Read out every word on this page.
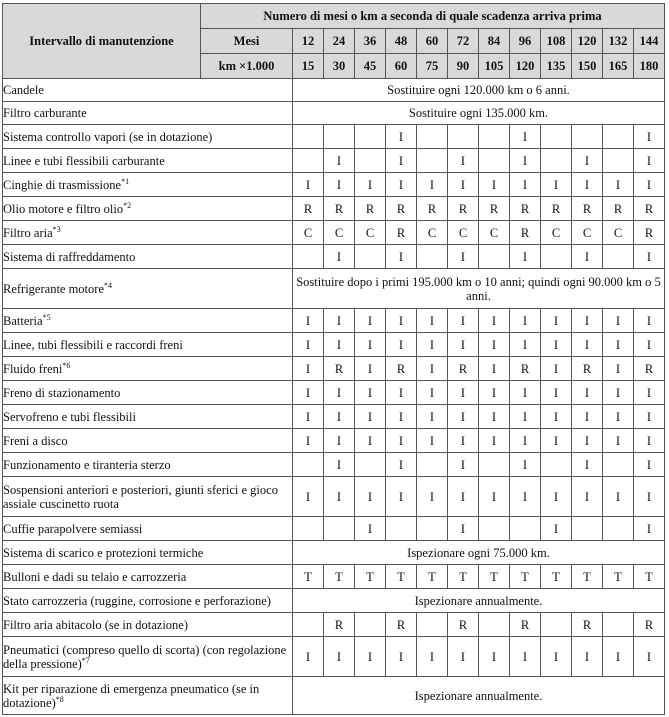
Intervallo di manutenzione	Numero di mesi o km a seconda di quale scadenza arriva prima												
	Mesi	12	24	36	48	60	72	84	96	108	120	132	144
	km ×1.000	15	30	45	60	75	90	105	120	135	150	165	180
Candele		Sostituire ogni 120.000 km o 6 anni.											
Filtro carburante		Sostituire ogni 135.000 km.											
Sistema controllo vapori (se in dotazione)					I				I				I
Linee e tubi flessibili carburante			I		I		I		I		I		I
Cinghie di trasmissione$^{*1}$		I	I	I	I	I	I	I	I	I	I	I	I
Olio motore e filtro olio$^{*2}$		R	R	R	R	R	R	R	R	R	R	R	R
Filtro aria$^{*3}$		C	C	C	R	C	C	C	R	C	C	C	R
Sistema di raffreddamento			I		I		I		I		I		I
Refrigerante motore$^{*4}$		Sostituire dopo i primi 195.000 km o 10 anni; quindi ogni 90.000 km o 5 anni.											
Batteria$^{*5}$		I	I	I	I	I	I	I	I	I	I	I	I
Linee, tubi flessibili e raccordi freni		I	I	I	I	I	I	I	I	I	I	I	I
Fluido freni$^{*6}$		I	R	I	R	I	R	I	R	I	R	I	R
Freno di stazionamento		I	I	I	I	I	I	I	I	I	I	I	I
Servofreno e tubi flessibili		I	I	I	I	I	I	I	I	I	I	I	I
Freni a disco		I	I	I	I	I	I	I	I	I	I	I	I
Funzionamento e tiranteria sterzo			I		I		I		I		I		I
Sospensioni anteriori e posteriori, giunti sferici e gioco assiale cuscinetto ruota		I	I	I	I	I	I	I	I	I	I	I	I
Cuffie parapolvere semiassi				I			I			I			I
Sistema di scarico e protezioni termiche		Ispezionare ogni 75.000 km.											
Bulloni e dadi su telaio e carrozzeria		T	T	T	T	T	T	T	T	T	T	T	T
Stato carrozzeria (ruggine, corrosione e perforazione)		Ispezionare annualmente.											
Filtro aria abitacolo (se in dotazione)			R		R		R		R		R		R
Pneumatici (compreso quello di scorta) (con regolazione della pressione)$^{*7}$		I	I	I	I	I	I	I	I	I	I	I	I
Kit per riparazione di emergenza pneumatico (se in dotazione)$^{*8}$		Ispezionare annualmente.											
